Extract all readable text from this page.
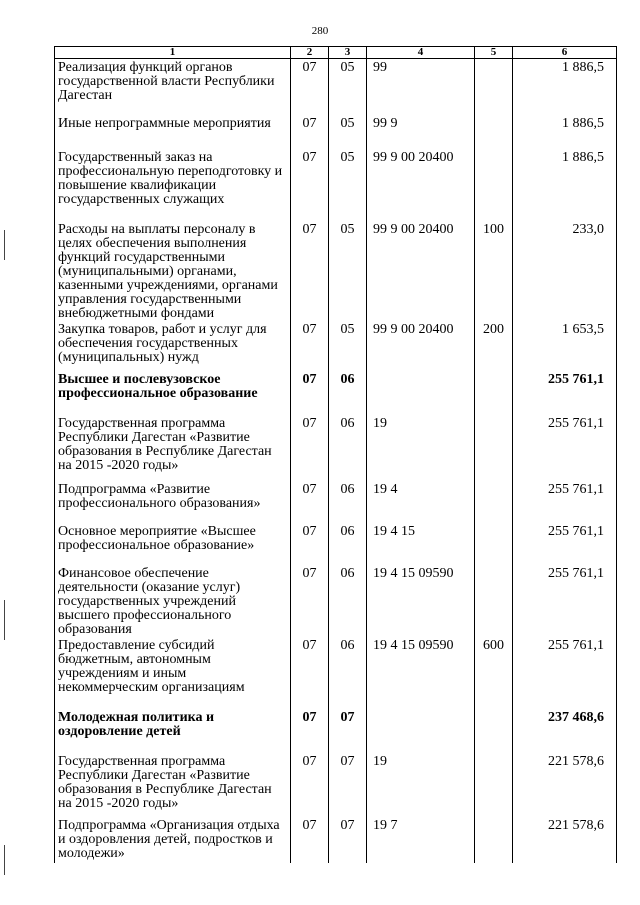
280
1	2	3	4	5	6
Реализация функций органов государственной власти Республики Дагестан	07	05	99		1 886,5
Иные непрограммные мероприятия	07	05	99 9		1 886,5
Государственный заказ на профессиональную переподготовку и повышение квалификации государственных служащих	07	05	99 9 00 20400		1 886,5
Расходы на выплаты персоналу в целях обеспечения выполнения функций государственными (муниципальными) органами, казенными учреждениями, органами управления государственными внебюджетными фондами	07	05	99 9 00 20400	100	233,0
Закупка товаров, работ и услуг для обеспечения государственных (муниципальных) нужд	07	05	99 9 00 20400	200	1 653,5
Высшее и послевузовское профессиональное образование	07	06			255 761,1
Государственная программа Республики Дагестан «Развитие образования в Республике Дагестан на 2015 -2020 годы»	07	06	19		255 761,1
Подпрограмма «Развитие профессионального образования»	07	06	19 4		255 761,1
Основное мероприятие «Высшее профессиональное образование»	07	06	19 4 15		255 761,1
Финансовое обеспечение деятельности (оказание услуг) государственных учреждений высшего профессионального образования	07	06	19 4 15 09590		255 761,1
Предоставление субсидий бюджетным, автономным учреждениям и иным некоммерческим организациям	07	06	19 4 15 09590	600	255 761,1
Молодежная политика и оздоровление детей	07	07			237 468,6
Государственная программа Республики Дагестан «Развитие образования в Республике Дагестан на 2015 -2020 годы»	07	07	19		221 578,6
Подпрограмма «Организация отдыха и оздоровления детей, подростков и молодежи»	07	07	19 7		221 578,6
